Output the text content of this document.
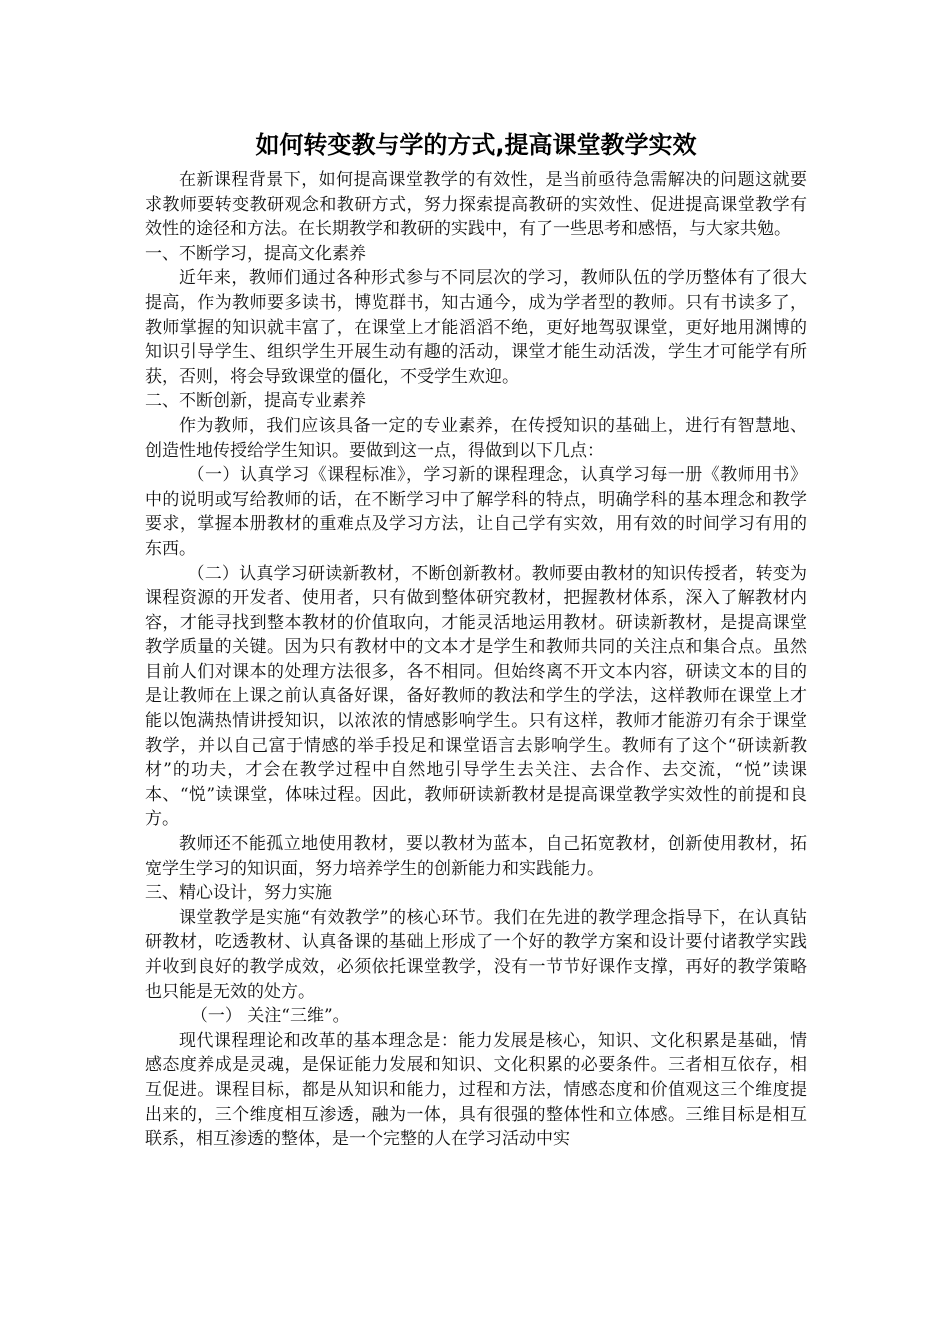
如何转变教与学的方式,提高课堂教学实效

在新课程背景下，如何提高课堂教学的有效性，是当前亟待急需解决的问题这就要求教师要转变教研观念和教研方式，努力探索提高教研的实效性、促进提高课堂教学有效性的途径和方法。在长期教学和教研的实践中，有了一些思考和感悟，与大家共勉。

一、不断学习，提高文化素养

近年来，教师们通过各种形式参与不同层次的学习，教师队伍的学历整体有了很大提高，作为教师要多读书，博览群书，知古通今，成为学者型的教师。只有书读多了，教师掌握的知识就丰富了，在课堂上才能滔滔不绝，更好地驾驭课堂，更好地用渊博的知识引导学生、组织学生开展生动有趣的活动，课堂才能生动活泼，学生才可能学有所获，否则，将会导致课堂的僵化，不受学生欢迎。

二、不断创新，提高专业素养

作为教师，我们应该具备一定的专业素养，在传授知识的基础上，进行有智慧地、创造性地传授给学生知识。要做到这一点，得做到以下几点：

（一）认真学习《课程标准》，学习新的课程理念，认真学习每一册《教师用书》中的说明或写给教师的话，在不断学习中了解学科的特点，明确学科的基本理念和教学要求，掌握本册教材的重难点及学习方法，让自己学有实效，用有效的时间学习有用的东西。

（二）认真学习研读新教材，不断创新教材。教师要由教材的知识传授者，转变为课程资源的开发者、使用者，只有做到整体研究教材，把握教材体系，深入了解教材内容，才能寻找到整本教材的价值取向，才能灵活地运用教材。研读新教材，是提高课堂教学质量的关键。因为只有教材中的文本才是学生和教师共同的关注点和集合点。虽然目前人们对课本的处理方法很多，各不相同。但始终离不开文本内容，研读文本的目的是让教师在上课之前认真备好课，备好教师的教法和学生的学法，这样教师在课堂上才能以饱满热情讲授知识，以浓浓的情感影响学生。只有这样，教师才能游刃有余于课堂教学，并以自己富于情感的举手投足和课堂语言去影响学生。教师有了这个“研读新教材”的功夫，才会在教学过程中自然地引导学生去关注、去合作、去交流，“悦”读课本、“悦”读课堂，体味过程。因此，教师研读新教材是提高课堂教学实效性的前提和良方。

教师还不能孤立地使用教材，要以教材为蓝本，自己拓宽教材，创新使用教材，拓宽学生学习的知识面，努力培养学生的创新能力和实践能力。

三、精心设计，努力实施

课堂教学是实施“有效教学”的核心环节。我们在先进的教学理念指导下，在认真钻研教材，吃透教材、认真备课的基础上形成了一个好的教学方案和设计要付诸教学实践并收到良好的教学成效，必须依托课堂教学，没有一节节好课作支撑，再好的教学策略也只能是无效的处方。

（一） 关注“三维”。

现代课程理论和改革的基本理念是：能力发展是核心，知识、文化积累是基础，情感态度养成是灵魂，是保证能力发展和知识、文化积累的必要条件。三者相互依存，相互促进。课程目标，都是从知识和能力，过程和方法，情感态度和价值观这三个维度提出来的，三个维度相互渗透，融为一体，具有很强的整体性和立体感。三维目标是相互联系，相互渗透的整体，是一个完整的人在学习活动中实
